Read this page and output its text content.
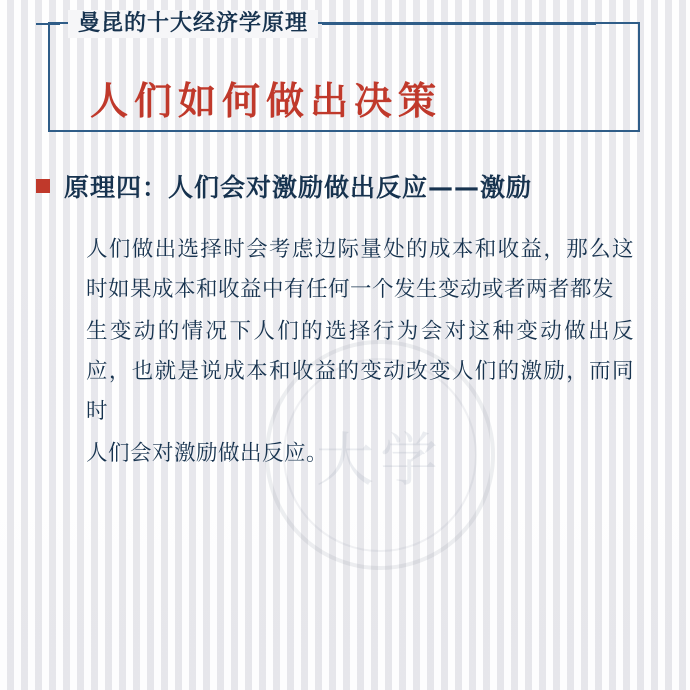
大学
曼昆的十大经济学原理
人们如何做出决策
原理四：人们会对激励做出反应——激励

人们做出选择时会考虑边际量处的成本和收益，那么这时如果成本和收益中有任何一个发生变动或者两者都发

生变动的情况下人们的选择行为会对这种变动做出反应，也就是说成本和收益的变动改变人们的激励，而同时

人们会对激励做出反应。
